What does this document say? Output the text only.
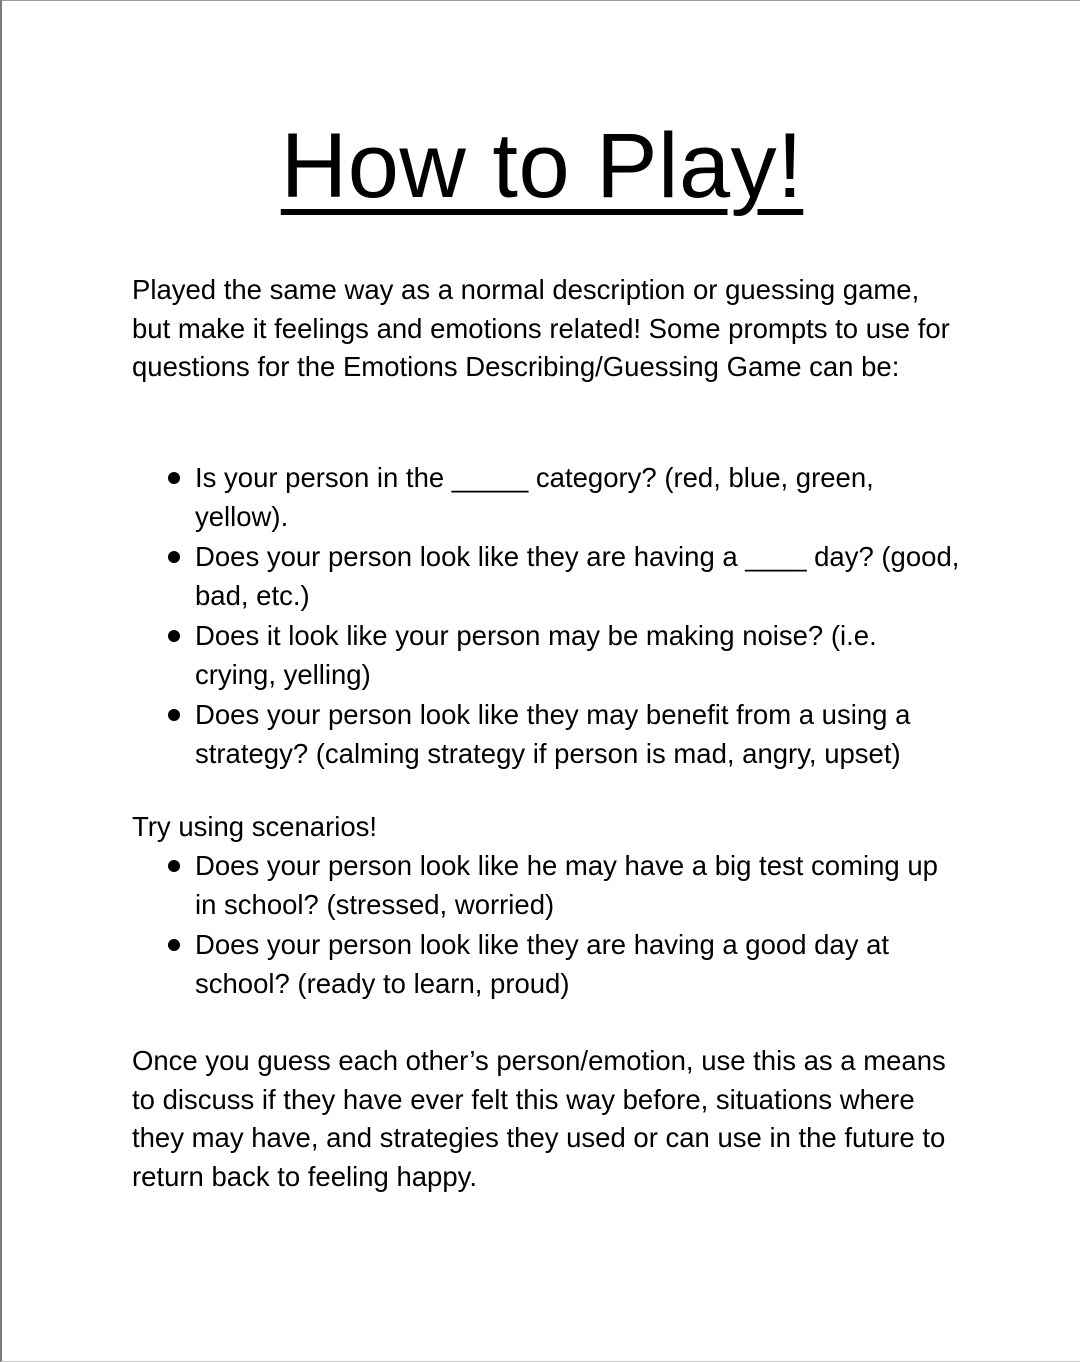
How to Play!

Played the same way as a normal description or guessing game, but make it feelings and emotions related! Some prompts to use for questions for the Emotions Describing/Guessing Game can be:

Is your person in the _____ category? (red, blue, green, yellow).
Does your person look like they are having a ____ day? (good, bad, etc.)
Does it look like your person may be making noise? (i.e. crying, yelling)
Does your person look like they may benefit from a using a strategy? (calming strategy if person is mad, angry, upset)

Try using scenarios!

Does your person look like he may have a big test coming up in school? (stressed, worried)
Does your person look like they are having a good day at school? (ready to learn, proud)

Once you guess each other’s person/emotion, use this as a means to discuss if they have ever felt this way before, situations where they may have, and strategies they used or can use in the future to return back to feeling happy.
